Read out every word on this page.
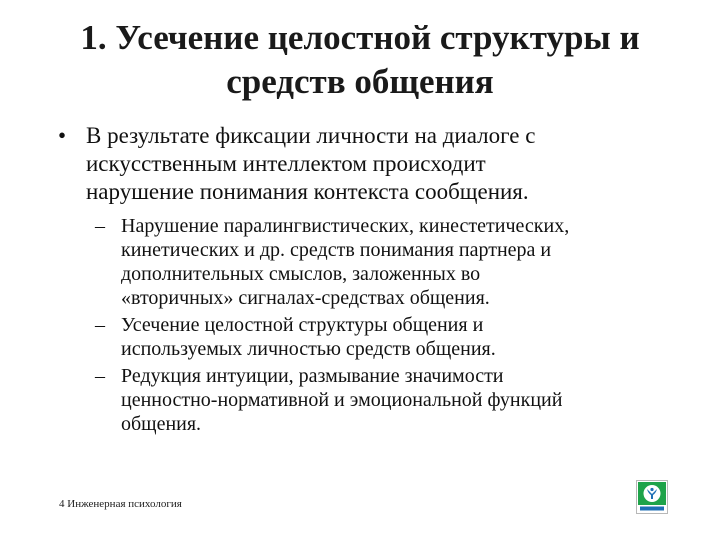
1. Усечение целостной структуры и
средств общения
• В результате фиксации личности на диалоге с
искусственным интеллектом происходит
нарушение понимания контекста сообщения.
– Нарушение паралингвистических, кинестетических,
кинетических и др. средств понимания партнера и
дополнительных смыслов, заложенных во
«вторичных» сигналах-средствах общения.
– Усечение целостной структуры общения и
используемых личностью средств общения.
– Редукция интуиции, размывание значимости
ценностно-нормативной и эмоциональной функций
общения.
4 Инженерная психология
